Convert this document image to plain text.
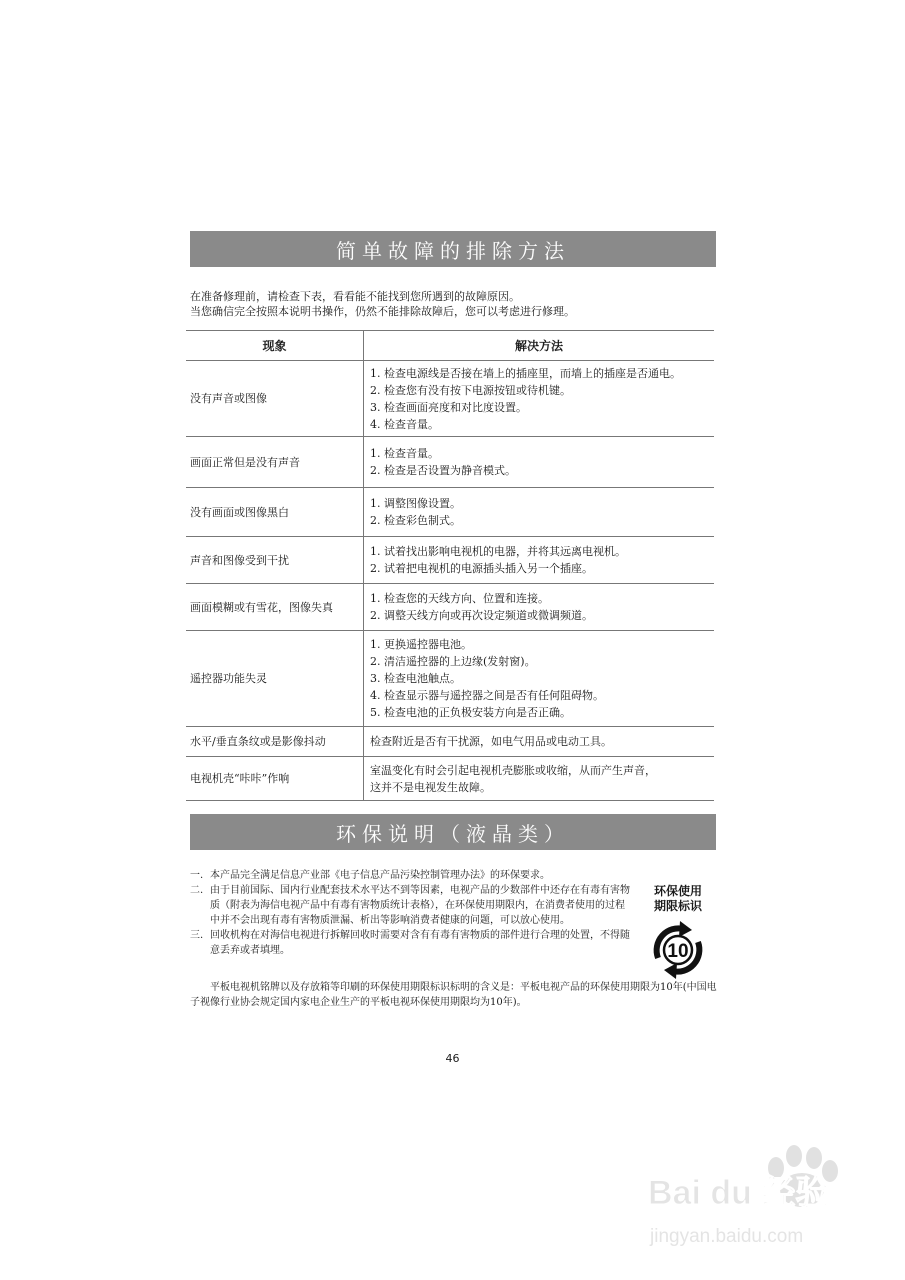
简单故障的排除方法
在准备修理前，请检查下表，看看能不能找到您所遇到的故障原因。
当您确信完全按照本说明书操作，仍然不能排除故障后，您可以考虑进行修理。
现象	解决方法
没有声音或图像	1. 检查电源线是否接在墙上的插座里，而墙上的插座是否通电。
2. 检查您有没有按下电源按钮或待机键。
3. 检查画面亮度和对比度设置。
4. 检查音量。

画面正常但是没有声音	1. 检查音量。
2. 检查是否设置为静音模式。

没有画面或图像黑白	1. 调整图像设置。
2. 检查彩色制式。

声音和图像受到干扰	1. 试着找出影响电视机的电器，并将其远离电视机。
2. 试着把电视机的电源插头插入另一个插座。

画面模糊或有雪花，图像失真	1. 检查您的天线方向、位置和连接。
2. 调整天线方向或再次设定频道或微调频道。

遥控器功能失灵	1. 更换遥控器电池。
2. 清洁遥控器的上边缘(发射窗)。
3. 检查电池触点。
4. 检查显示器与遥控器之间是否有任何阻碍物。
5. 检查电池的正负极安装方向是否正确。

水平/垂直条纹或是影像抖动	检查附近是否有干扰源，如电气用品或电动工具。

电视机壳“咔咔”作响	室温变化有时会引起电视机壳膨胀或收缩，从而产生声音，
这并不是电视发生故障。
环保说明（液晶类）
一. 本产品完全满足信息产业部《电子信息产品污染控制管理办法》的环保要求。
二. 由于目前国际、国内行业配套技术水平达不到等因素，电视产品的少数部件中还存在有毒有害物质（附表为海信电视产品中有毒有害物质统计表格），在环保使用期限内，在消费者使用的过程中并不会出现有毒有害物质泄漏、析出等影响消费者健康的问题，可以放心使用。
三. 回收机构在对海信电视进行拆解回收时需要对含有有毒有害物质的部件进行合理的处置，不得随意丢弃或者填埋。
平板电视机铭牌以及存放箱等印刷的环保使用期限标识标明的含义是：平板电视产品的环保使用期限为10年(中国电子视像行业协会规定国内家电企业生产的平板电视环保使用期限均为10年)。
环保使用
期限标识
10
46
Bai du 经验
jingyan.baidu.com
